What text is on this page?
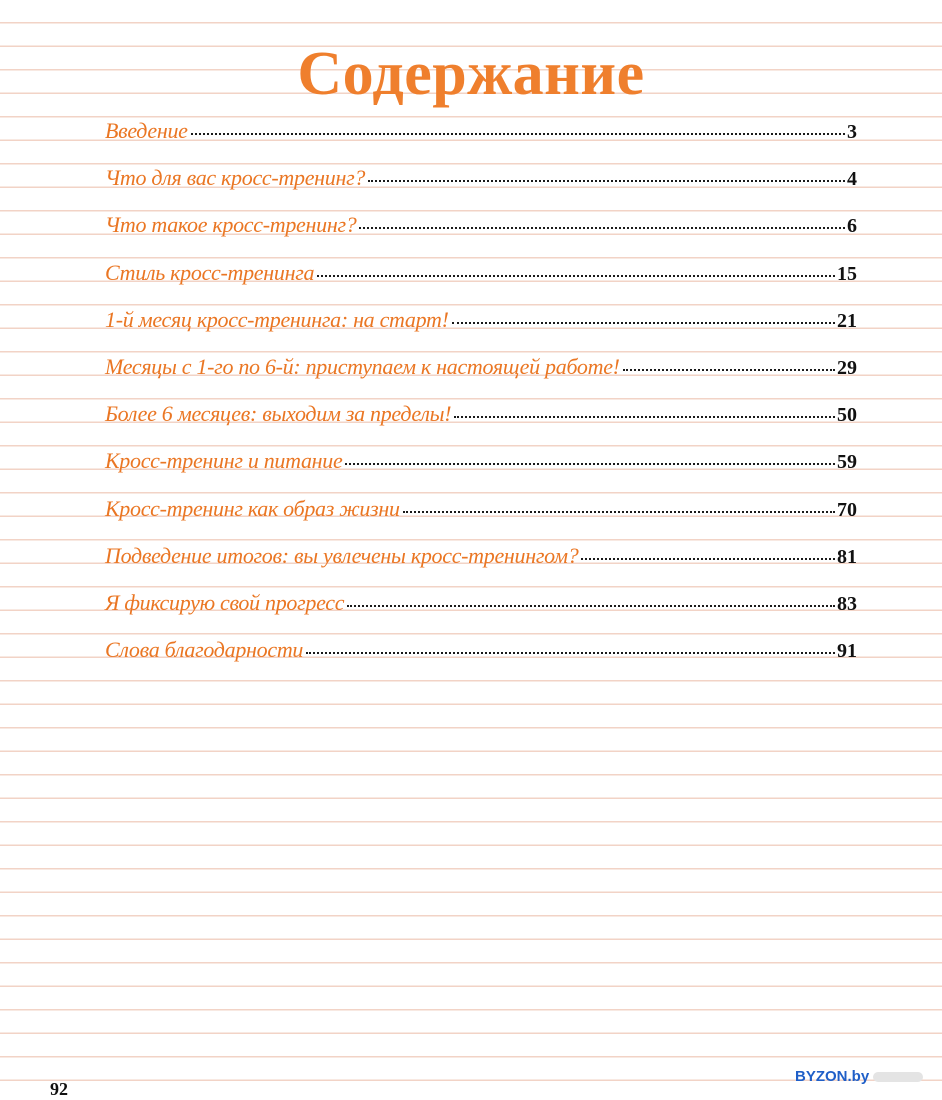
Содержание
Введение	3
Что для вас кросс-тренинг?	4
Что такое кросс-тренинг?	6
Стиль кросс-тренинга	15
1-й месяц кросс-тренинга: на старт!	21
Месяцы с 1-го по 6-й: приступаем к настоящей работе!	29
Более 6 месяцев: выходим за пределы!	50
Кросс-тренинг и питание	59
Кросс-тренинг как образ жизни	70
Подведение итогов: вы увлечены кросс-тренингом?	81
Я фиксирую свой прогресс	83
Слова благодарности	91
92
BYZON.by
